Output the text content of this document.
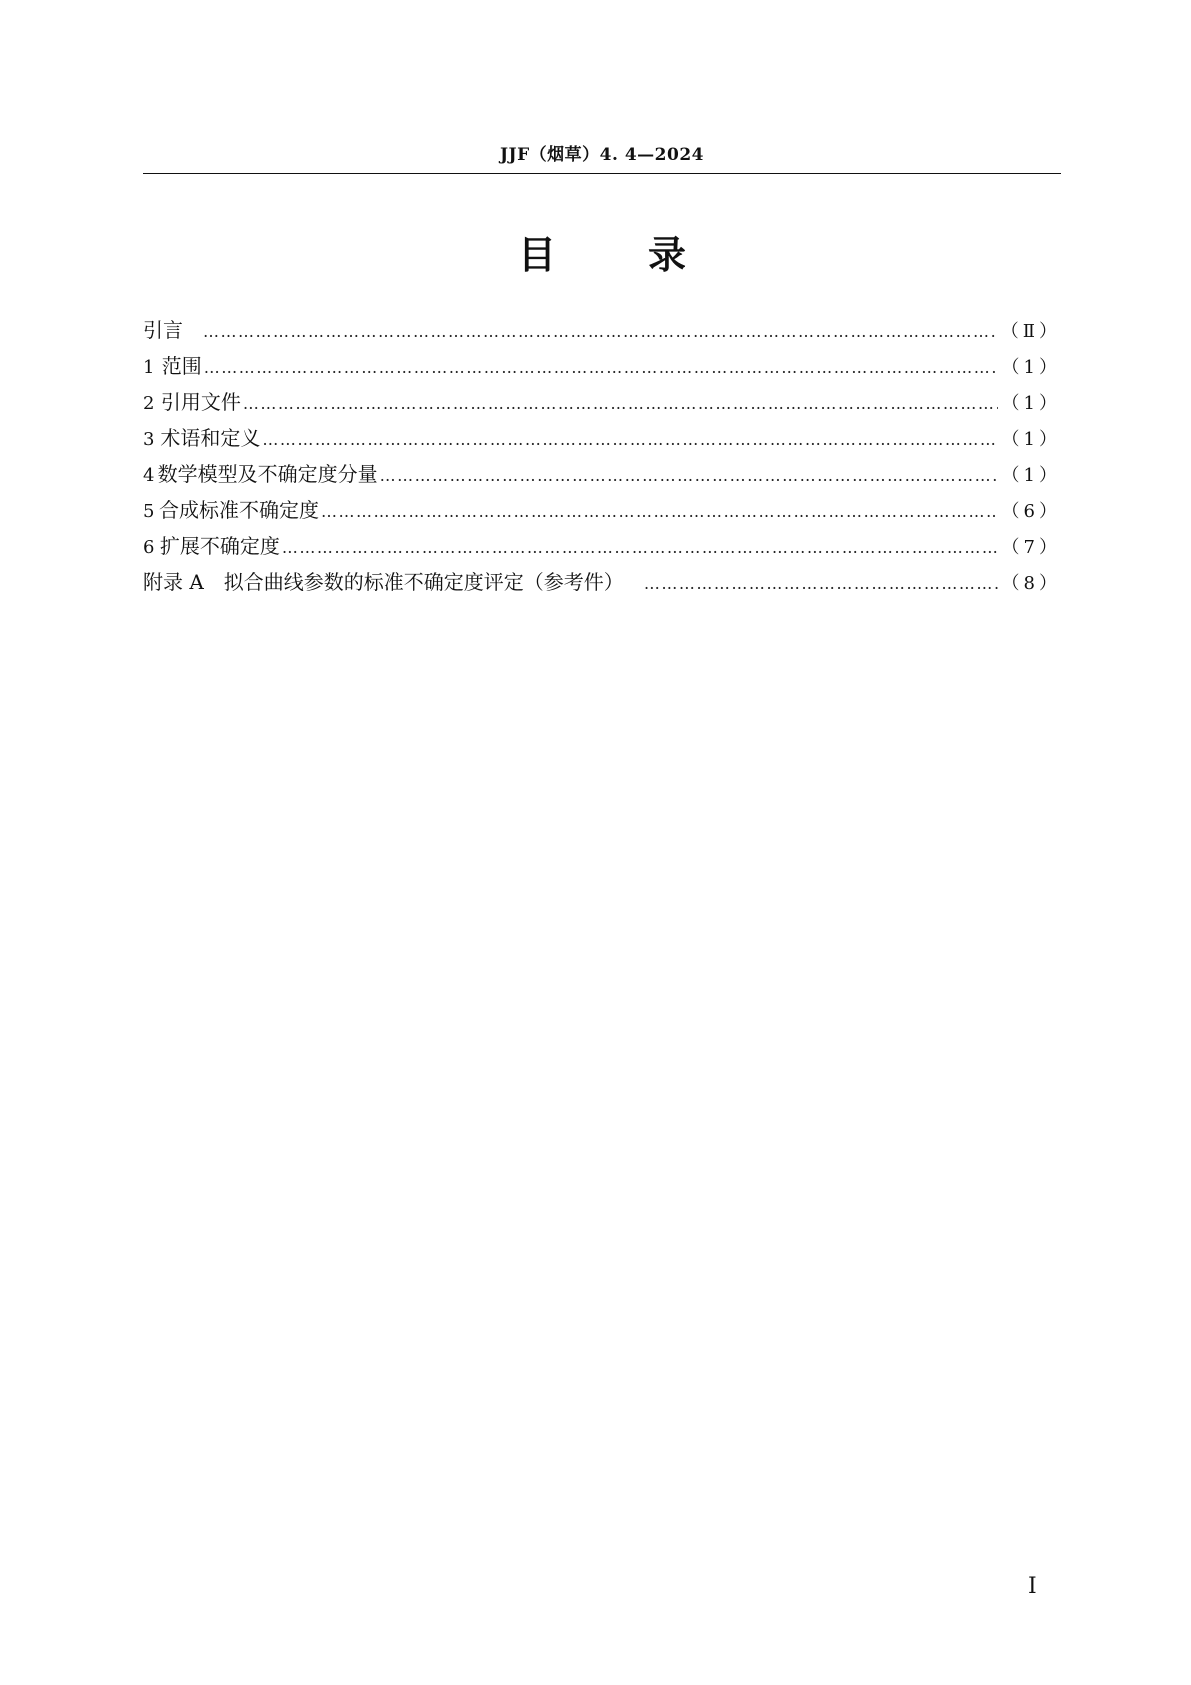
JJF（烟草）4. 4—2024
目 录
引言 ………………………………………………………………………………………………………………………………………………………………………………………………………………………………………	（Ⅱ）
1 范围 ………………………………………………………………………………………………………………………………………………………………………………………………………………………………………	（1）
2 引用文件 ………………………………………………………………………………………………………………………………………………………………………………………………………………………………………	（1）
3 术语和定义 ………………………………………………………………………………………………………………………………………………………………………………………………………………………………………	（1）
4 数学模型及不确定度分量 ………………………………………………………………………………………………………………………………………………………………………………………………………………………………………	（1）
5 合成标准不确定度 ………………………………………………………………………………………………………………………………………………………………………………………………………………………………………	（6）
6 扩展不确定度 ………………………………………………………………………………………………………………………………………………………………………………………………………………………………………	（7）
附录 A　拟合曲线参数的标准不确定度评定（参考件） ………………………………………………………………………………………………………………………………………………………………………………………………………………………………………	（8）
Ⅰ
